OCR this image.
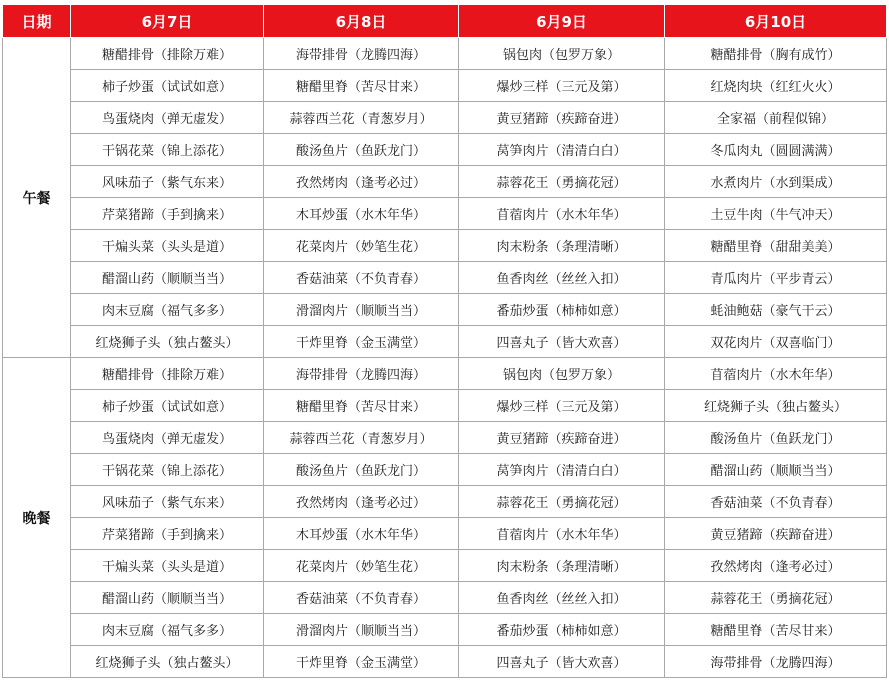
日期	6月7日	6月8日	6月9日	6月10日
午餐	糖醋排骨（排除万难）	海带排骨（龙腾四海）	锅包肉（包罗万象）	糖醋排骨（胸有成竹）
	柿子炒蛋（试试如意）	糖醋里脊（苦尽甘来）	爆炒三样（三元及第）	红烧肉块（红红火火）
	鸟蛋烧肉（弹无虚发）	蒜蓉西兰花（青葱岁月）	黄豆猪蹄（疾蹄奋进）	全家福（前程似锦）
	干锅花菜（锦上添花）	酸汤鱼片（鱼跃龙门）	莴笋肉片（清清白白）	冬瓜肉丸（圆圆满满）
	风味茄子（紫气东来）	孜然烤肉（逢考必过）	蒜蓉花王（勇摘花冠）	水煮肉片（水到渠成）
	芹菜猪蹄（手到擒来）	木耳炒蛋（水木年华）	苜蓿肉片（水木年华）	土豆牛肉（牛气冲天）
	干煸头菜（头头是道）	花菜肉片（妙笔生花）	肉末粉条（条理清晰）	糖醋里脊（甜甜美美）
	醋溜山药（顺顺当当）	香菇油菜（不负青春）	鱼香肉丝（丝丝入扣）	青瓜肉片（平步青云）
	肉末豆腐（福气多多）	滑溜肉片（顺顺当当）	番茄炒蛋（柿柿如意）	蚝油鲍菇（豪气干云）
	红烧狮子头（独占鳌头）	干炸里脊（金玉满堂）	四喜丸子（皆大欢喜）	双花肉片（双喜临门）
晚餐	糖醋排骨（排除万难）	海带排骨（龙腾四海）	锅包肉（包罗万象）	苜蓿肉片（水木年华）
	柿子炒蛋（试试如意）	糖醋里脊（苦尽甘来）	爆炒三样（三元及第）	红烧狮子头（独占鳌头）
	鸟蛋烧肉（弹无虚发）	蒜蓉西兰花（青葱岁月）	黄豆猪蹄（疾蹄奋进）	酸汤鱼片（鱼跃龙门）
	干锅花菜（锦上添花）	酸汤鱼片（鱼跃龙门）	莴笋肉片（清清白白）	醋溜山药（顺顺当当）
	风味茄子（紫气东来）	孜然烤肉（逢考必过）	蒜蓉花王（勇摘花冠）	香菇油菜（不负青春）
	芹菜猪蹄（手到擒来）	木耳炒蛋（水木年华）	苜蓿肉片（水木年华）	黄豆猪蹄（疾蹄奋进）
	干煸头菜（头头是道）	花菜肉片（妙笔生花）	肉末粉条（条理清晰）	孜然烤肉（逢考必过）
	醋溜山药（顺顺当当）	香菇油菜（不负青春）	鱼香肉丝（丝丝入扣）	蒜蓉花王（勇摘花冠）
	肉末豆腐（福气多多）	滑溜肉片（顺顺当当）	番茄炒蛋（柿柿如意）	糖醋里脊（苦尽甘来）
	红烧狮子头（独占鳌头）	干炸里脊（金玉满堂）	四喜丸子（皆大欢喜）	海带排骨（龙腾四海）
